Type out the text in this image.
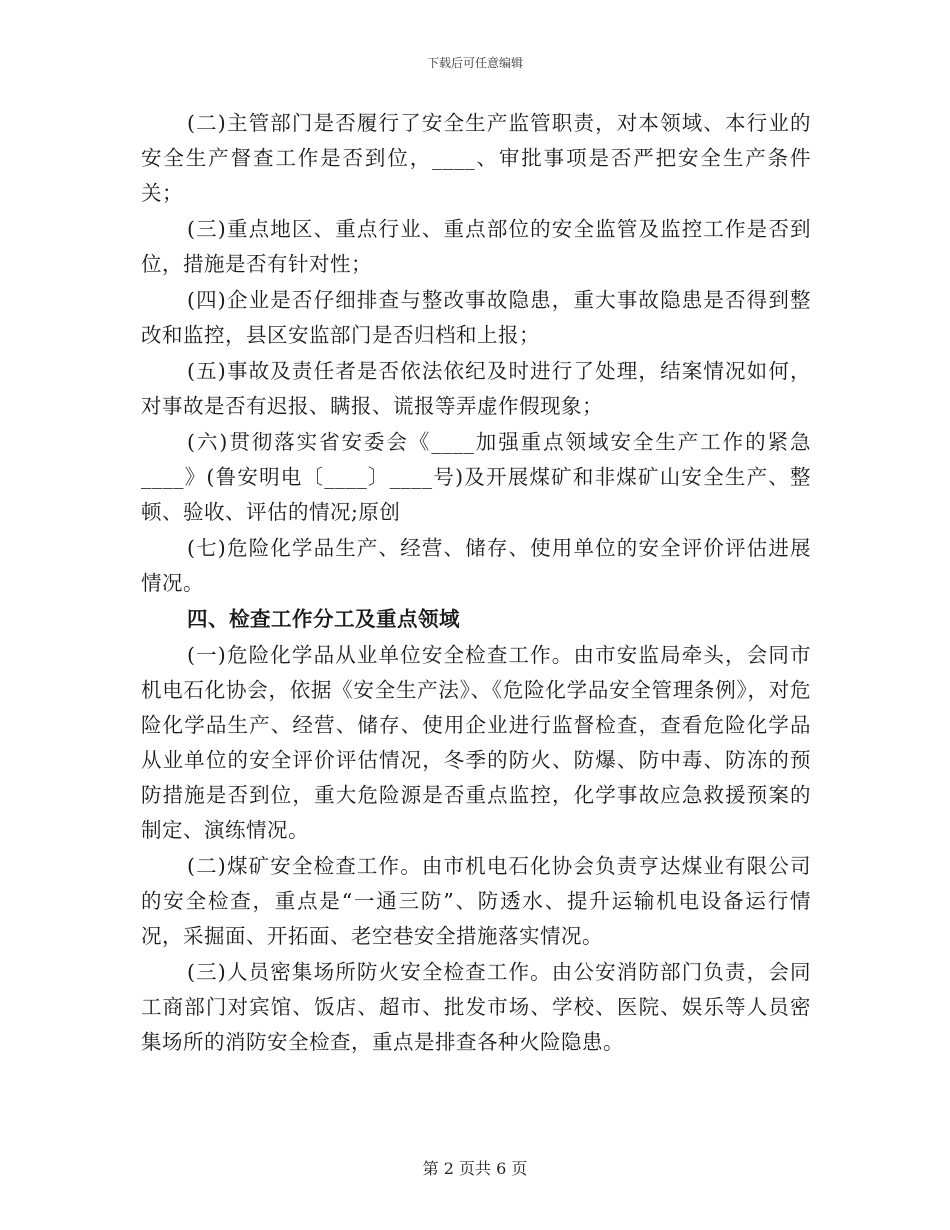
下载后可任意编辑

(二)主管部门是否履行了安全生产监管职责，对本领域、本行业的安全生产督查工作是否到位，____、审批事项是否严把安全生产条件关；

(三)重点地区、重点行业、重点部位的安全监管及监控工作是否到位，措施是否有针对性；

(四)企业是否仔细排查与整改事故隐患，重大事故隐患是否得到整改和监控，县区安监部门是否归档和上报；

(五)事故及责任者是否依法依纪及时进行了处理，结案情况如何，对事故是否有迟报、瞒报、谎报等弄虚作假现象；

(六)贯彻落实省安委会《____加强重点领域安全生产工作的紧急____》(鲁安明电〔____〕____号)及开展煤矿和非煤矿山安全生产、整顿、验收、评估的情况;原创

(七)危险化学品生产、经营、储存、使用单位的安全评价评估进展情况。

四、检查工作分工及重点领域

(一)危险化学品从业单位安全检查工作。由市安监局牵头，会同市机电石化协会，依据《安全生产法》、《危险化学品安全管理条例》，对危险化学品生产、经营、储存、使用企业进行监督检查，查看危险化学品从业单位的安全评价评估情况，冬季的防火、防爆、防中毒、防冻的预防措施是否到位，重大危险源是否重点监控，化学事故应急救援预案的制定、演练情况。

(二)煤矿安全检查工作。由市机电石化协会负责亨达煤业有限公司的安全检查，重点是“一通三防”、防透水、提升运输机电设备运行情况，采掘面、开拓面、老空巷安全措施落实情况。

(三)人员密集场所防火安全检查工作。由公安消防部门负责，会同工商部门对宾馆、饭店、超市、批发市场、学校、医院、娱乐等人员密集场所的消防安全检查，重点是排查各种火险隐患。

第 2 页共 6 页
